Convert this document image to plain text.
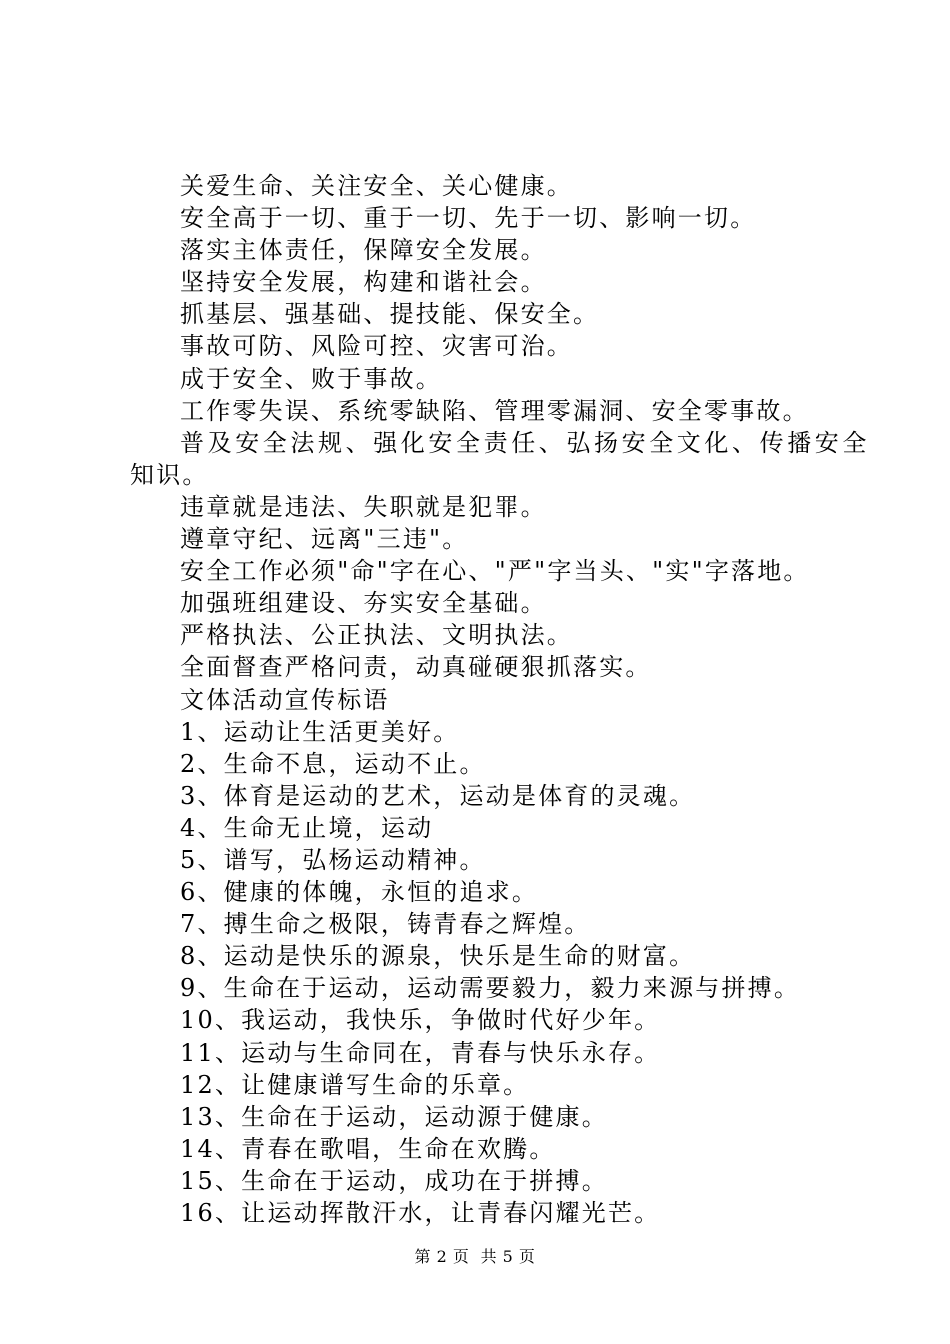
关爱生命、关注安全、关心健康。
安全高于一切、重于一切、先于一切、影响一切。
落实主体责任，保障安全发展。
坚持安全发展，构建和谐社会。
抓基层、强基础、提技能、保安全。
事故可防、风险可控、灾害可治。
成于安全、败于事故。
工作零失误、系统零缺陷、管理零漏洞、安全零事故。
普及安全法规、强化安全责任、弘扬安全文化、传播安全
知识。
违章就是违法、失职就是犯罪。
遵章守纪、远离"三违"。
安全工作必须"命"字在心、"严"字当头、"实"字落地。
加强班组建设、夯实安全基础。
严格执法、公正执法、文明执法。
全面督查严格问责，动真碰硬狠抓落实。
文体活动宣传标语
1、运动让生活更美好。
2、生命不息，运动不止。
3、体育是运动的艺术，运动是体育的灵魂。
4、生命无止境，运动
5、谱写，弘杨运动精神。
6、健康的体魄，永恒的追求。
7、搏生命之极限，铸青春之辉煌。
8、运动是快乐的源泉，快乐是生命的财富。
9、生命在于运动，运动需要毅力，毅力来源与拼搏。
10、我运动，我快乐，争做时代好少年。
11、运动与生命同在，青春与快乐永存。
12、让健康谱写生命的乐章。
13、生命在于运动，运动源于健康。
14、青春在歌唱，生命在欢腾。
15、生命在于运动，成功在于拼搏。
16、让运动挥散汗水，让青春闪耀光芒。
第 2 页  共 5 页
